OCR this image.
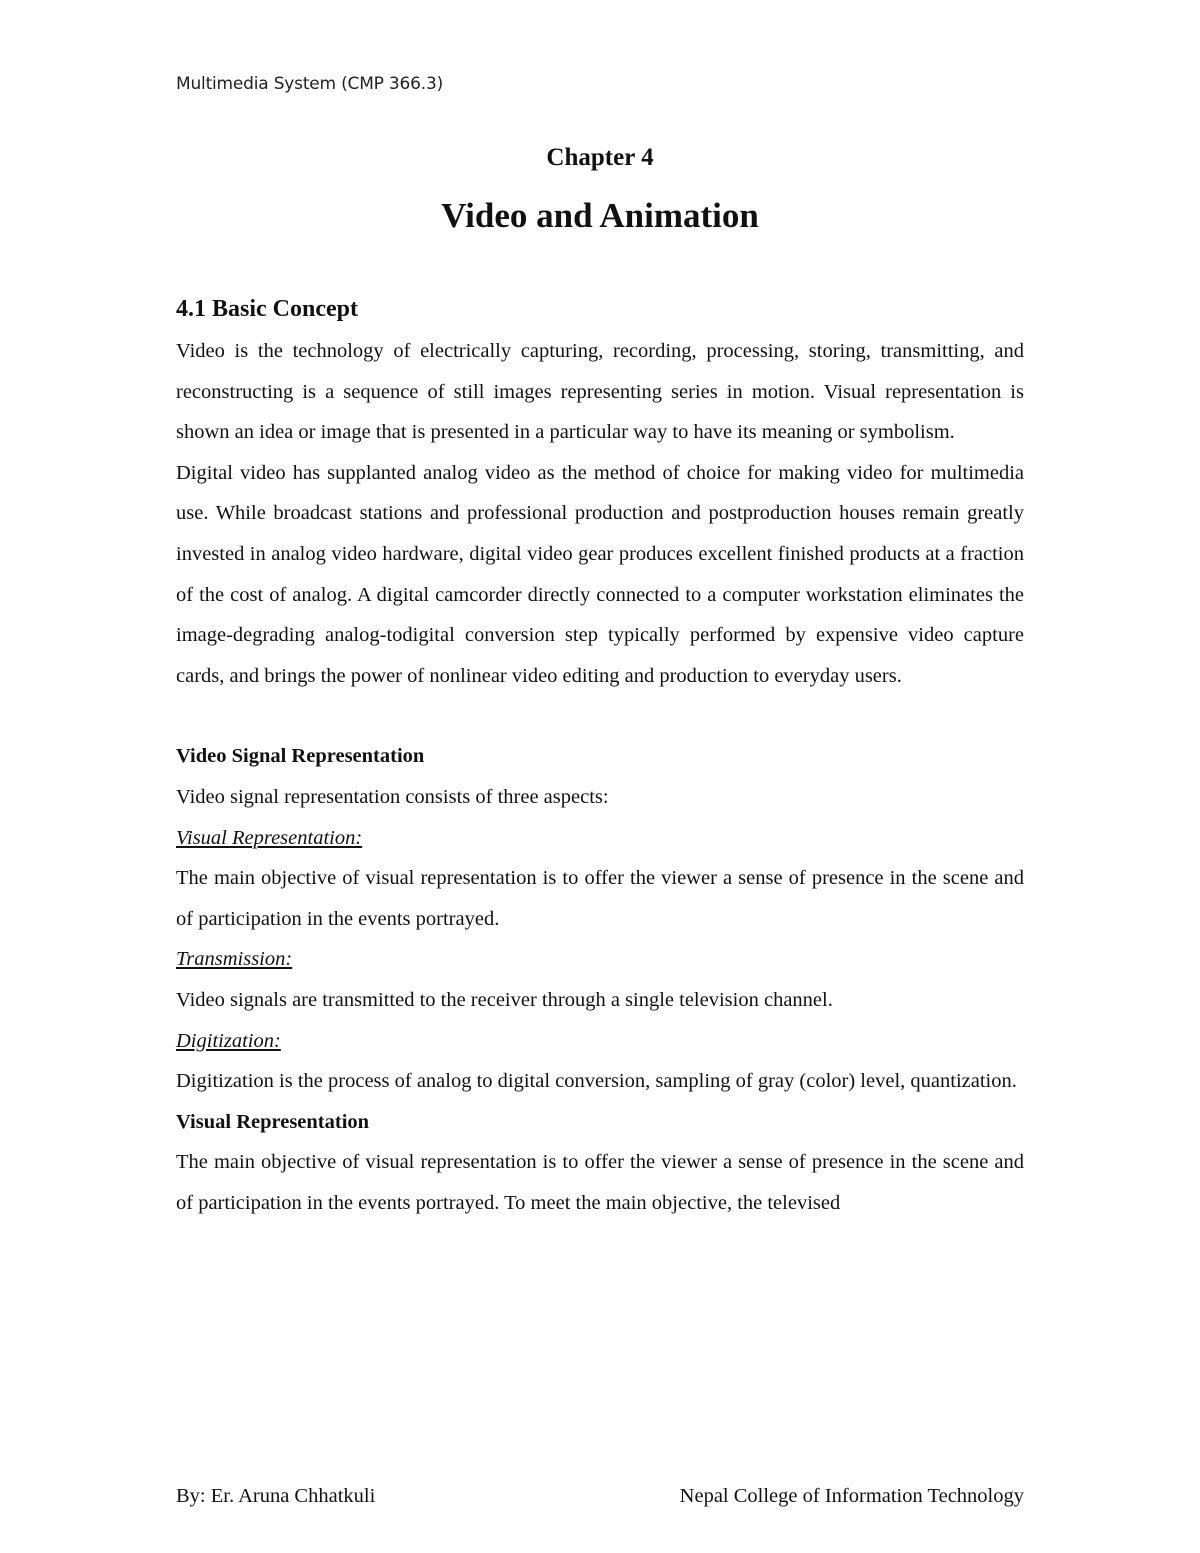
Multimedia System (CMP 366.3)
Chapter 4
Video and Animation
4.1 Basic Concept

Video is the technology of electrically capturing, recording, processing, storing, transmitting, and reconstructing is a sequence of still images representing series in motion. Visual representation is shown an idea or image that is presented in a particular way to have its meaning or symbolism.

Digital video has supplanted analog video as the method of choice for making video for multimedia use. While broadcast stations and professional production and postproduction houses remain greatly invested in analog video hardware, digital video gear produces excellent finished products at a fraction of the cost of analog. A digital camcorder directly connected to a computer workstation eliminates the image-degrading analog-todigital conversion step typically performed by expensive video capture cards, and brings the power of nonlinear video editing and production to everyday users.

Video Signal Representation

Video signal representation consists of three aspects:

Visual Representation:

The main objective of visual representation is to offer the viewer a sense of presence in the scene and of participation in the events portrayed.

Transmission:

Video signals are transmitted to the receiver through a single television channel.

Digitization:

Digitization is the process of analog to digital conversion, sampling of gray (color) level, quantization.

Visual Representation

The main objective of visual representation is to offer the viewer a sense of presence in the scene and of participation in the events portrayed. To meet the main objective, the televised

By: Er. Aruna Chhatkuli	Nepal College of Information Technology
